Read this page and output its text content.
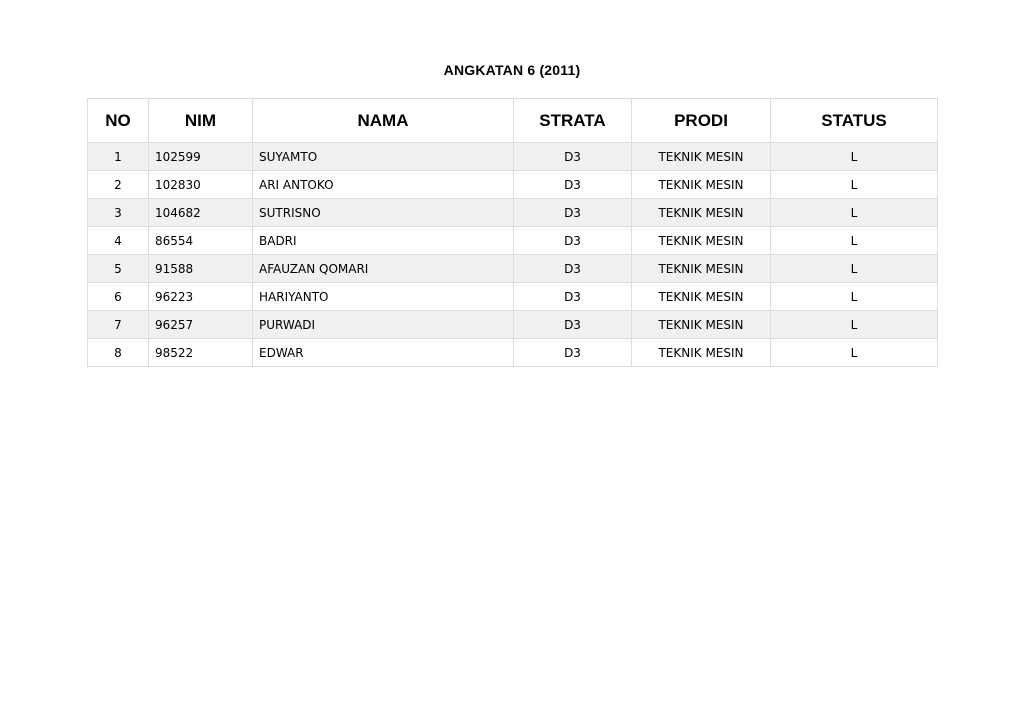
ANGKATAN 6 (2011)
NO	NIM	NAMA	STRATA	PRODI	STATUS
1	102599	SUYAMTO	D3	TEKNIK MESIN	L
2	102830	ARI ANTOKO	D3	TEKNIK MESIN	L
3	104682	SUTRISNO	D3	TEKNIK MESIN	L
4	86554	BADRI	D3	TEKNIK MESIN	L
5	91588	AFAUZAN QOMARI	D3	TEKNIK MESIN	L
6	96223	HARIYANTO	D3	TEKNIK MESIN	L
7	96257	PURWADI	D3	TEKNIK MESIN	L
8	98522	EDWAR	D3	TEKNIK MESIN	L
